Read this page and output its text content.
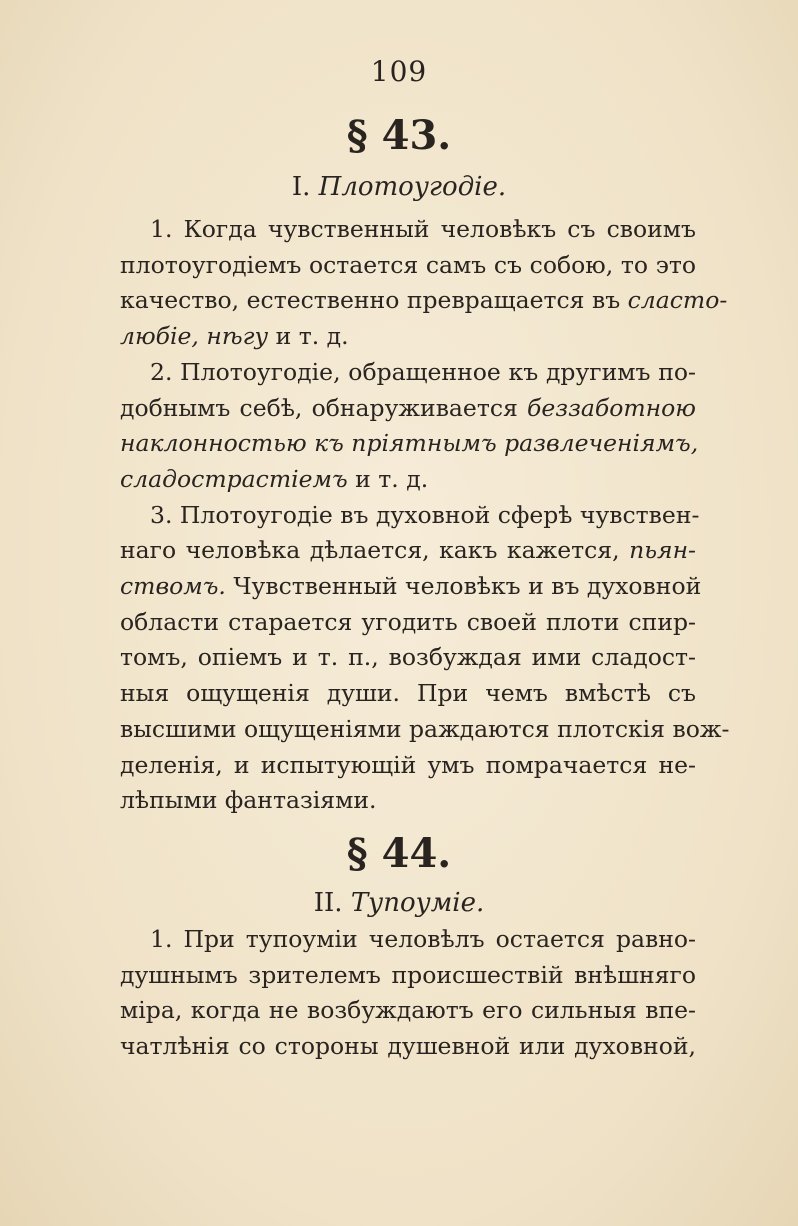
109
§ 43.
I. Плотоугодіе.
1. Когда чувственный человѣкъ съ своимъ
плотоугодіемъ остается самъ съ собою, то это
качество, естественно превращается въ сласто-
любіе, нѣгу и т. д.
2. Плотоугодіе, обращенное къ другимъ по-
добнымъ себѣ, обнаруживается беззаботною
наклонностью къ пріятнымъ развлеченіямъ,
сладострастіемъ и т. д.
3. Плотоугодіе въ духовной сферѣ чувствен-
наго человѣка дѣлается, какъ кажется, пьян-
ствомъ. Чувственный человѣкъ и въ духовной
области старается угодить своей плоти спир-
томъ, опіемъ и т. п., возбуждая ими сладост-
ныя ощущенія души. При чемъ вмѣстѣ съ
высшими ощущеніями раждаются плотскія вож-
деленія, и испытующій умъ помрачается не-
лѣпыми фантазіями.
§ 44.
II. Тупоуміе.
1. При тупоуміи человѣлъ остается равно-
душнымъ зрителемъ происшествій внѣшняго
міра, когда не возбуждаютъ его сильныя впе-
чатлѣнія со стороны душевной или духовной,
